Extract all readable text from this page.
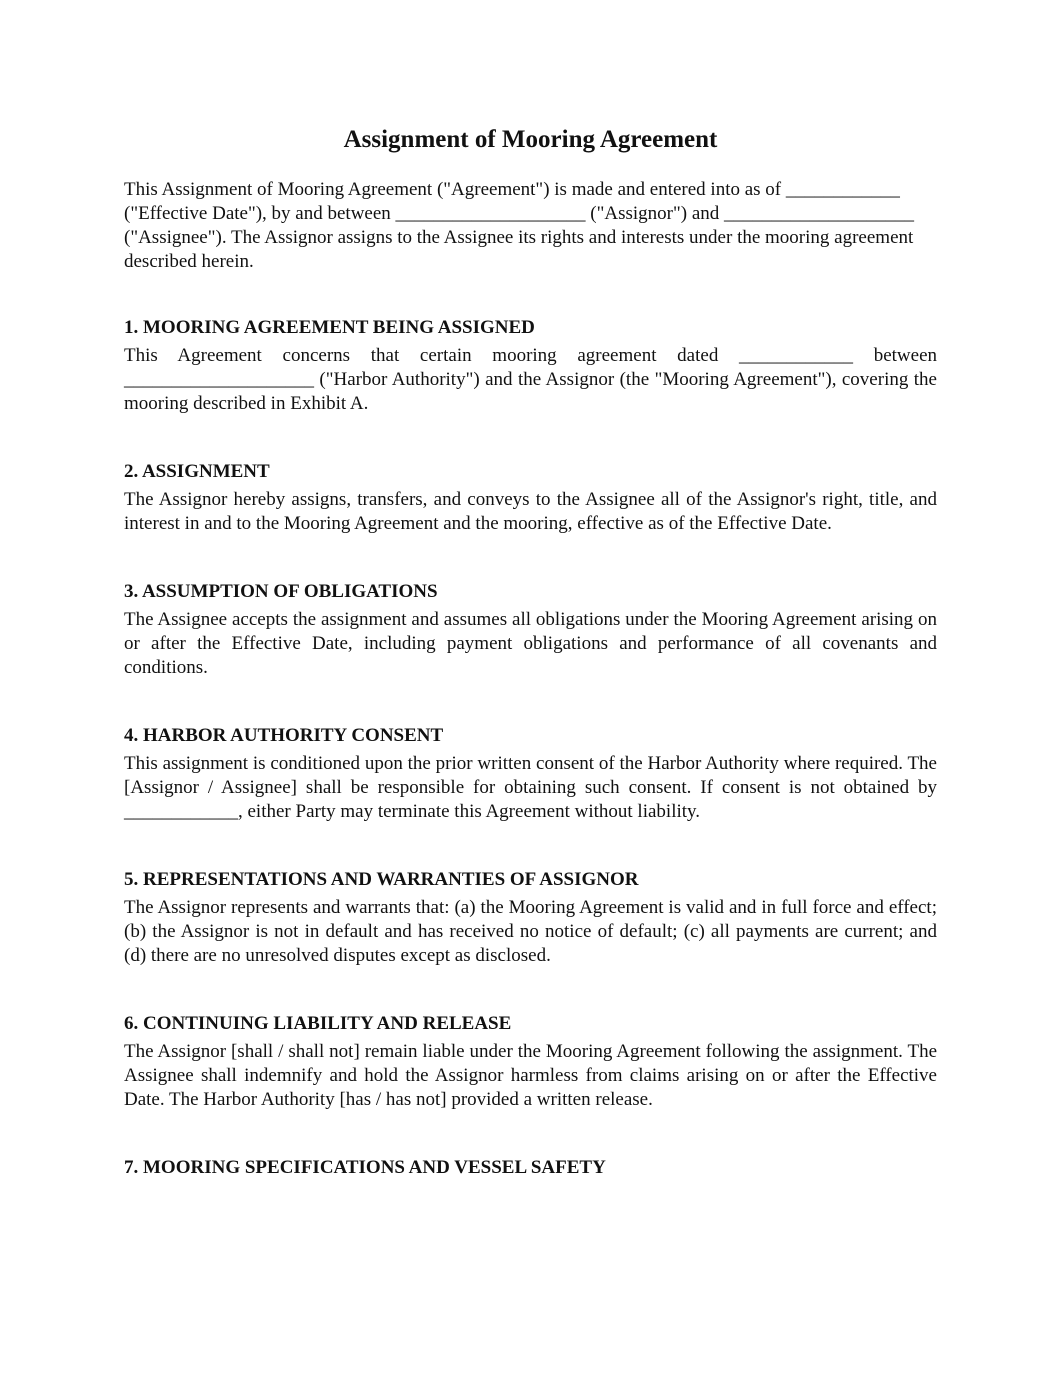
Assignment of Mooring Agreement

This Assignment of Mooring Agreement ("Agreement") is made and entered into as of ____________ ("Effective Date"), by and between ____________________ ("Assignor") and ____________________ ("Assignee"). The Assignor assigns to the Assignee its rights and interests under the mooring agreement described herein.

1. MOORING AGREEMENT BEING ASSIGNED

This Agreement concerns that certain mooring agreement dated ____________ between ____________________ ("Harbor Authority") and the Assignor (the "Mooring Agreement"), covering the mooring described in Exhibit A.

2. ASSIGNMENT

The Assignor hereby assigns, transfers, and conveys to the Assignee all of the Assignor's right, title, and interest in and to the Mooring Agreement and the mooring, effective as of the Effective Date.

3. ASSUMPTION OF OBLIGATIONS

The Assignee accepts the assignment and assumes all obligations under the Mooring Agreement arising on or after the Effective Date, including payment obligations and performance of all covenants and conditions.

4. HARBOR AUTHORITY CONSENT

This assignment is conditioned upon the prior written consent of the Harbor Authority where required. The [Assignor / Assignee] shall be responsible for obtaining such consent. If consent is not obtained by ____________, either Party may terminate this Agreement without liability.

5. REPRESENTATIONS AND WARRANTIES OF ASSIGNOR

The Assignor represents and warrants that: (a) the Mooring Agreement is valid and in full force and effect; (b) the Assignor is not in default and has received no notice of default; (c) all payments are current; and (d) there are no unresolved disputes except as disclosed.

6. CONTINUING LIABILITY AND RELEASE

The Assignor [shall / shall not] remain liable under the Mooring Agreement following the assignment. The Assignee shall indemnify and hold the Assignor harmless from claims arising on or after the Effective Date. The Harbor Authority [has / has not] provided a written release.

7. MOORING SPECIFICATIONS AND VESSEL SAFETY
